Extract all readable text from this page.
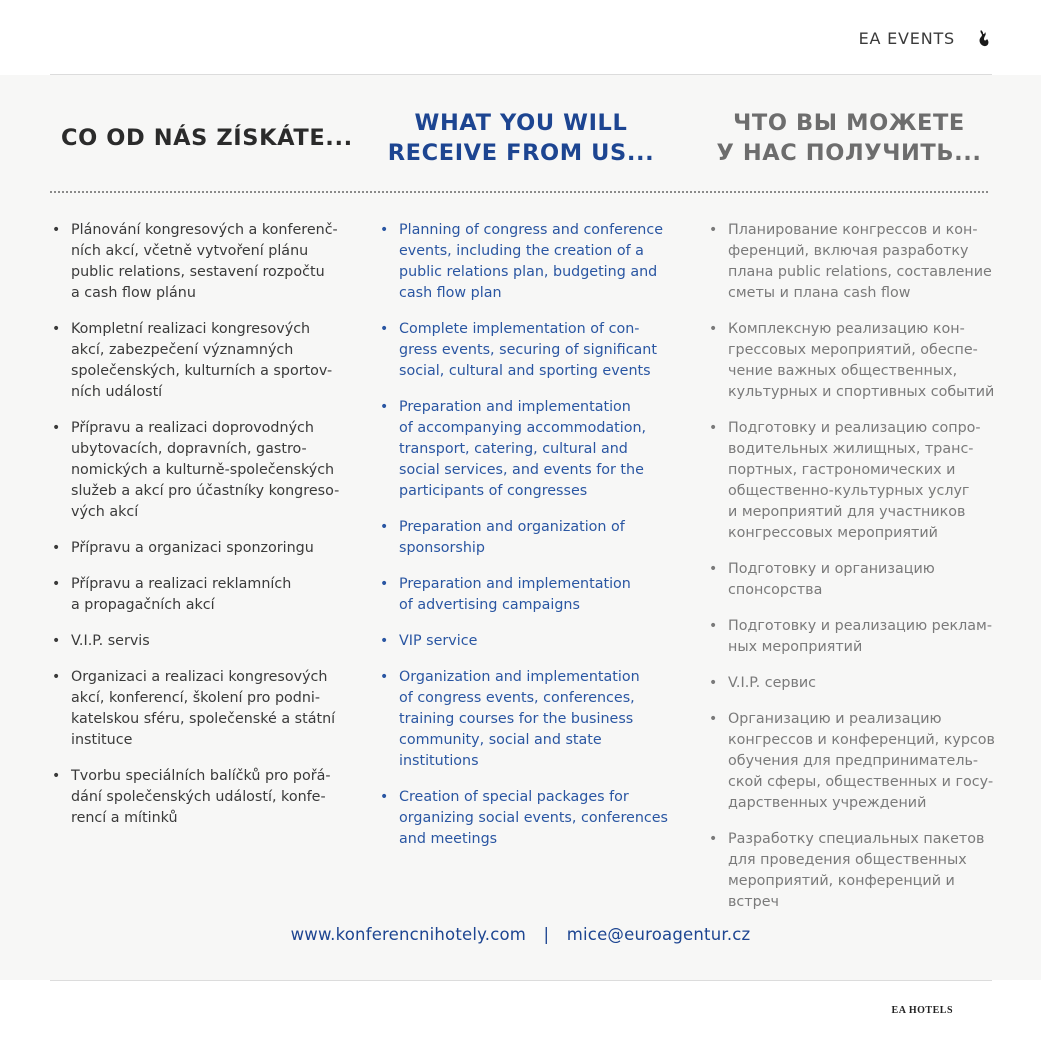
EA EVENTS
CO OD NÁS ZÍSKÁTE...
WHAT YOU WILL
RECEIVE FROM US...
ЧТО ВЫ МОЖЕТЕ
У НАС ПОЛУЧИТЬ...
• Plánování kongresových a konferenč-
ních akcí, včetně vytvoření plánu
public relations, sestavení rozpočtu
a cash flow plánu
• Kompletní realizaci kongresových
akcí, zabezpečení významných
společenských, kulturních a sportov-
ních událostí
• Přípravu a realizaci doprovodných
ubytovacích, dopravních, gastro-
nomických a kulturně-společenských
služeb a akcí pro účastníky kongreso-
vých akcí
• Přípravu a organizaci sponzoringu
• Přípravu a realizaci reklamních
a propagačních akcí
• V.I.P. servis
• Organizaci a realizaci kongresových
akcí, konferencí, školení pro podni-
katelskou sféru, společenské a státní
instituce
• Tvorbu speciálních balíčků pro pořá-
dání společenských událostí, konfe-
rencí a mítinků
• Planning of congress and conference
events, including the creation of a
public relations plan, budgeting and
cash flow plan
• Complete implementation of con-
gress events, securing of significant
social, cultural and sporting events
• Preparation and implementation
of accompanying accommodation,
transport, catering, cultural and
social services, and events for the
participants of congresses
• Preparation and organization of
sponsorship
• Preparation and implementation
of advertising campaigns
• VIP service
• Organization and implementation
of congress events, conferences,
training courses for the business
community, social and state
institutions
• Creation of special packages for
organizing social events, conferences
and meetings
• Планирование конгрессов и кон-
ференций, включая разработку
плана public relations, составление
сметы и плана cash flow
• Комплексную реализацию кон-
грессовых мероприятий, обеспе-
чение важных общественных,
культурных и спортивных событий
• Подготовку и реализацию сопро-
водительных жилищных, транс-
портных, гастрономических и
общественно-культурных услуг
и мероприятий для участников
конгрессовых мероприятий
• Подготовку и организацию
спонсорства
• Подготовку и реализацию реклам-
ных мероприятий
• V.I.P. сервис
• Организацию и реализацию
конгрессов и конференций, курсов
обучения для предприниматель-
ской сферы, общественных и госу-
дарственных учреждений
• Разработку специальных пакетов
для проведения общественных
мероприятий, конференций и встреч
www.konferencnihotely.com | mice@euroagentur.cz
EA HOTELS
